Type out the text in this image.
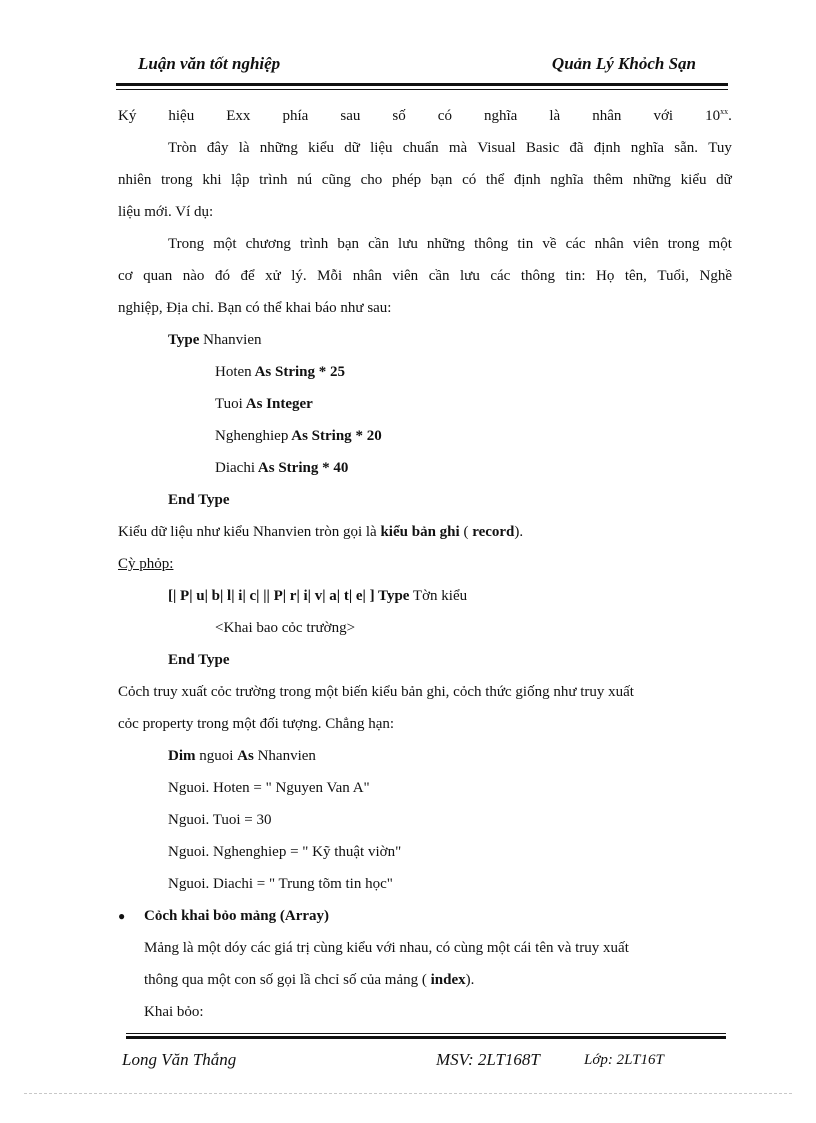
Luận văn tốt nghiệp	Quản Lý Khỏch Sạn
Ký hiệu Exx phía sau số có nghĩa là nhân với 10$^{xx}$.
Tròn đây là những kiểu dữ liệu chuẩn mà Visual Basic đã định nghĩa sẵn. Tuy
nhiên trong khi lập trình nú cũng cho phép bạn có thể định nghĩa thêm những kiểu dữ
liệu mới. Ví dụ:
Trong một chương trình bạn cần lưu những thông tin về các nhân viên trong một
cơ quan nào đó để xử lý. Mỗi nhân viên cần lưu các thông tin: Họ tên, Tuổi, Nghề
nghiệp, Địa chỉ. Bạn có thể khai báo như sau:
Type Nhanvien
Hoten As String * 25
Tuoi As Integer
Nghenghiep As String * 20
Diachi As String * 40
End Type
Kiểu dữ liệu như kiểu Nhanvien tròn gọi là kiểu bản ghi ( record).
Cỳ phỏp:
[| P| u| b| l| i| c| || P| r| i| v| a| t| e| ] Type Tờn kiểu
<Khai bao cỏc trường>
End Type
Cỏch truy xuất cỏc trường trong một biến kiểu bản ghi, cỏch thức giống như truy xuất
cỏc property trong một đối tượng. Chẳng hạn:
Dim nguoi As Nhanvien
Nguoi. Hoten = " Nguyen Van A"
Nguoi. Tuoi = 30
Nguoi. Nghenghiep = " Kỹ thuật viờn"
Nguoi. Diachi = " Trung tõm tin học"
● Cỏch khai bỏo mảng (Array)
Mảng là một dóy các giá trị cùng kiểu với nhau, có cùng một cái tên và truy xuất
thông qua một con số gọi lầ chcỉ số của mảng ( index).
Khai bỏo:
Long Văn Thắng	MSV: 2LT168T	Lớp: 2LT16T
